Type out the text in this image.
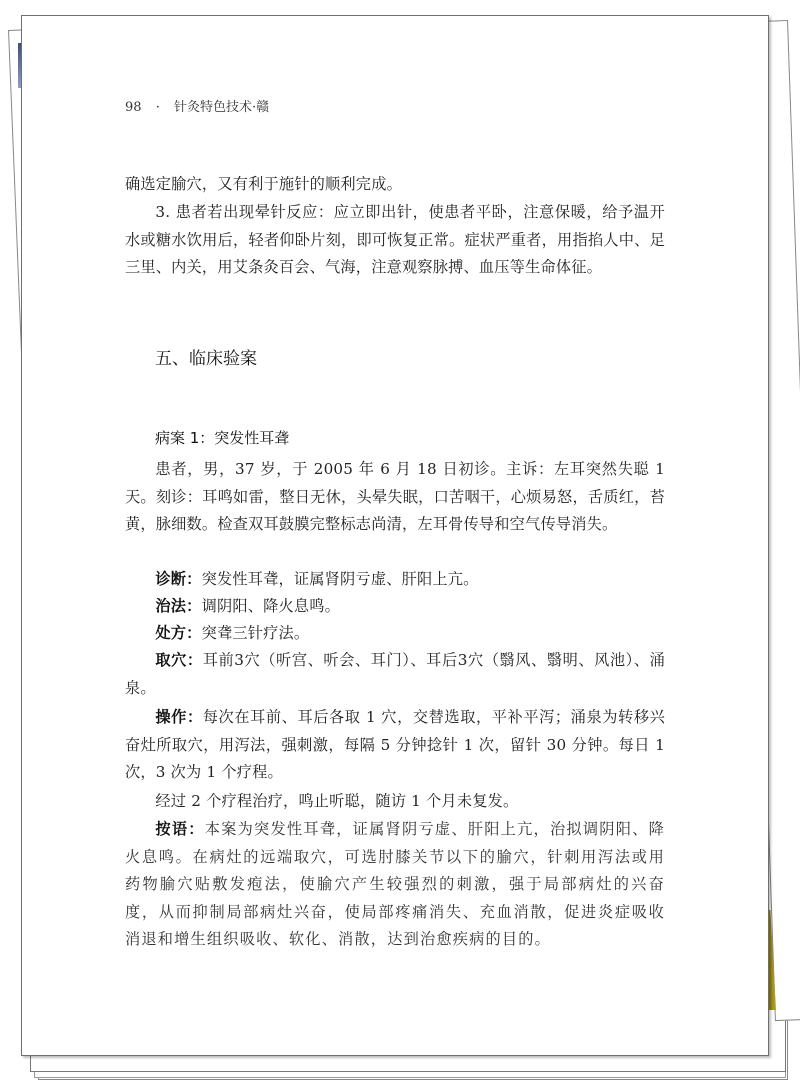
98 · 针灸特色技术·赣
确选定腧穴，又有利于施针的顺利完成。
3. 患者若出现晕针反应：应立即出针，使患者平卧，注意保暖，给予温开水或糖水饮用后，轻者仰卧片刻，即可恢复正常。症状严重者，用指掐人中、足三里、内关，用艾条灸百会、气海，注意观察脉搏、血压等生命体征。
五、临床验案
病案 1：突发性耳聋
患者，男，37 岁，于 2005 年 6 月 18 日初诊。主诉：左耳突然失聪 1 天。刻诊：耳鸣如雷，整日无休，头晕失眠，口苦咽干，心烦易怒，舌质红，苔黄，脉细数。检查双耳鼓膜完整标志尚清，左耳骨传导和空气传导消失。
诊断：突发性耳聋，证属肾阴亏虚、肝阳上亢。
治法：调阴阳、降火息鸣。
处方：突聋三针疗法。
取穴：耳前3穴（听宫、听会、耳门）、耳后3穴（翳风、翳明、风池）、涌泉。
操作：每次在耳前、耳后各取 1 穴，交替选取，平补平泻；涌泉为转移兴奋灶所取穴，用泻法，强刺激，每隔 5 分钟捻针 1 次，留针 30 分钟。每日 1 次，3 次为 1 个疗程。
经过 2 个疗程治疗，鸣止听聪，随访 1 个月未复发。
按语：本案为突发性耳聋，证属肾阴亏虚、肝阳上亢，治拟调阴阳、降火息鸣。在病灶的远端取穴，可选肘膝关节以下的腧穴，针刺用泻法或用药物腧穴贴敷发疱法，使腧穴产生较强烈的刺激，强于局部病灶的兴奋度，从而抑制局部病灶兴奋，使局部疼痛消失、充血消散，促进炎症吸收消退和增生组织吸收、软化、消散，达到治愈疾病的目的。
